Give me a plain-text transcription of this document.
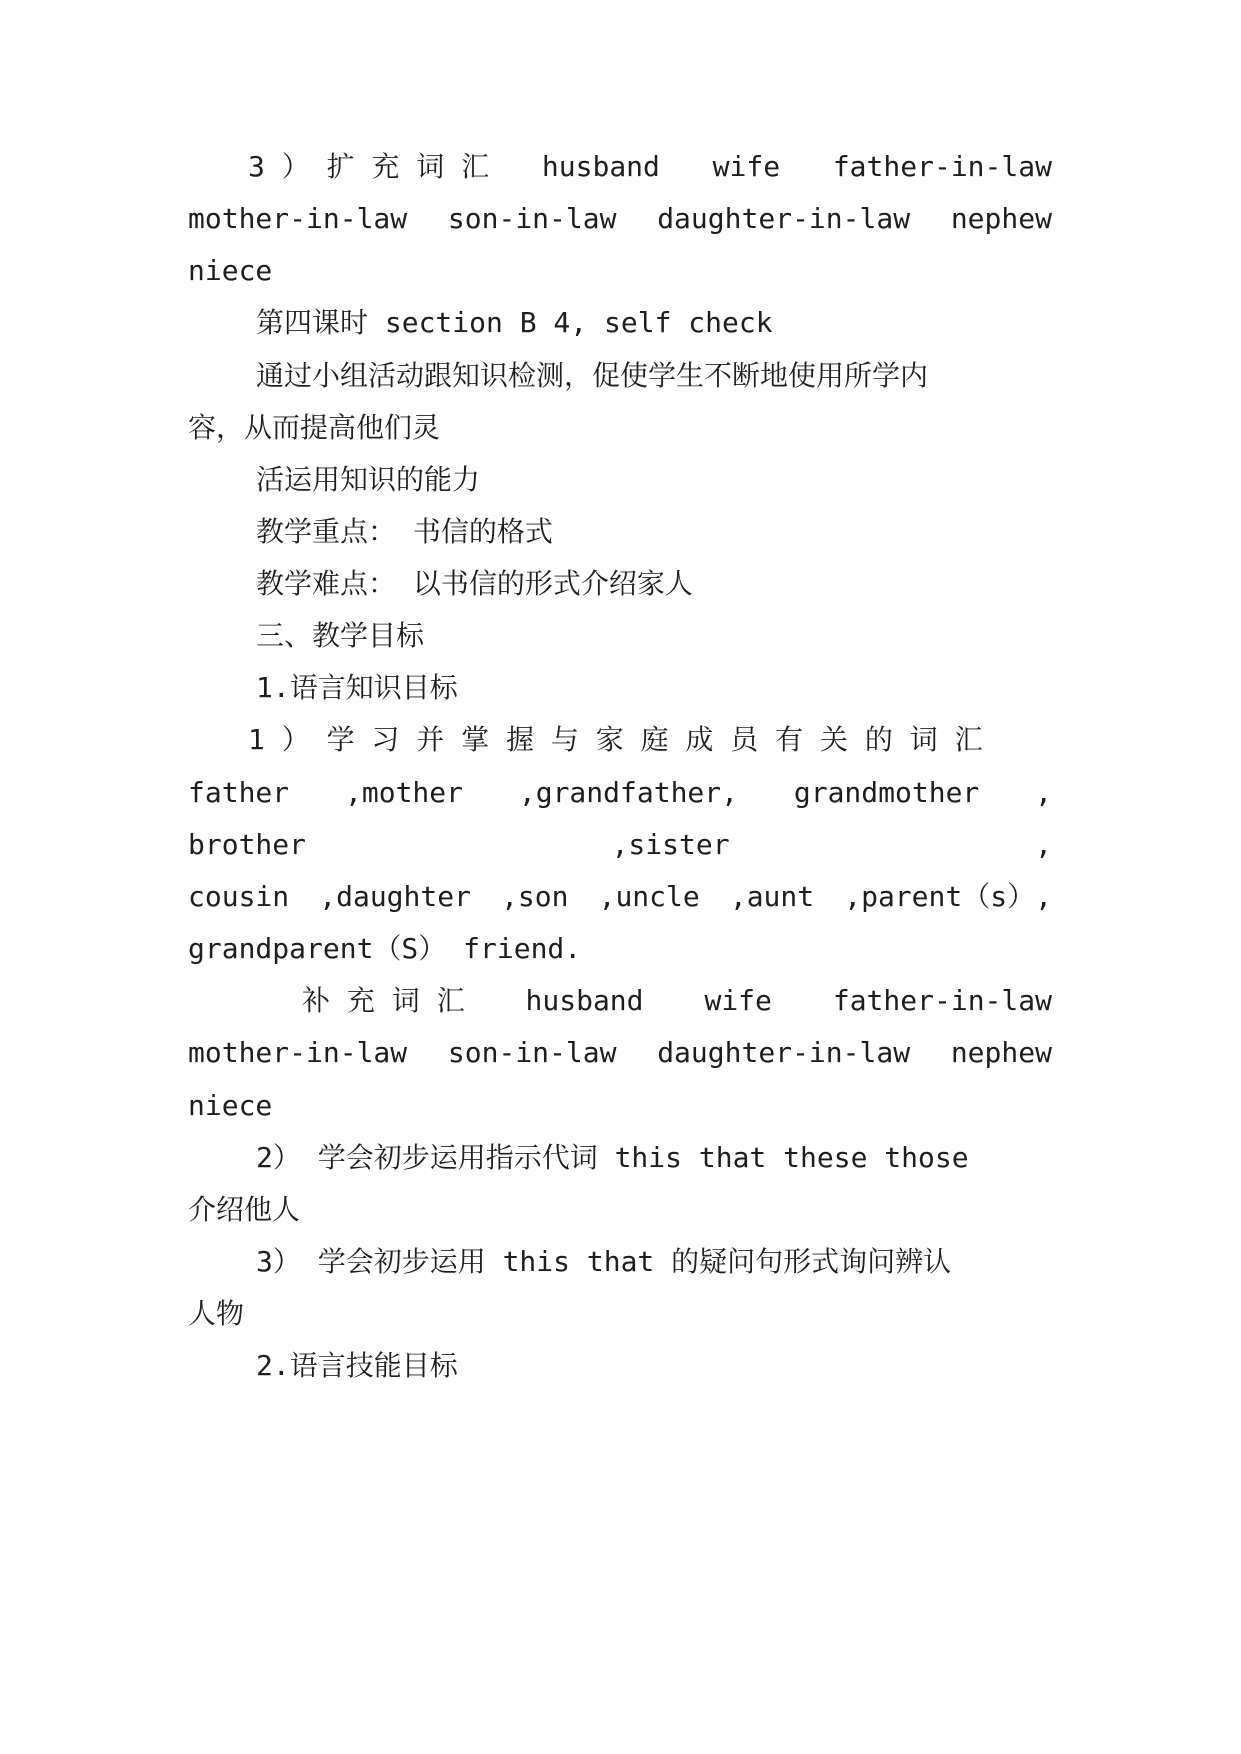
3 ） 扩 充 词 汇 husband wife father-in-law
mother-in-law son-in-law daughter-in-law nephew
niece
第四课时 section B 4, self check
通过小组活动跟知识检测，促使学生不断地使用所学内
容，从而提高他们灵
活运用知识的能力
教学重点： 书信的格式
教学难点： 以书信的形式介绍家人
三、教学目标
1.语言知识目标
1 ） 学 习 并 掌 握 与 家 庭 成 员 有 关 的 词 汇
father ,mother ,grandfather, grandmother ,
brother	,sister	,
cousin ,daughter ,son ,uncle ,aunt ,parent（s）,
grandparent（S） friend.
补 充 词 汇 husband wife father-in-law
mother-in-law son-in-law daughter-in-law nephew
niece
2） 学会初步运用指示代词 this that these those
介绍他人
3） 学会初步运用 this that 的疑问句形式询问辨认
人物
2.语言技能目标
